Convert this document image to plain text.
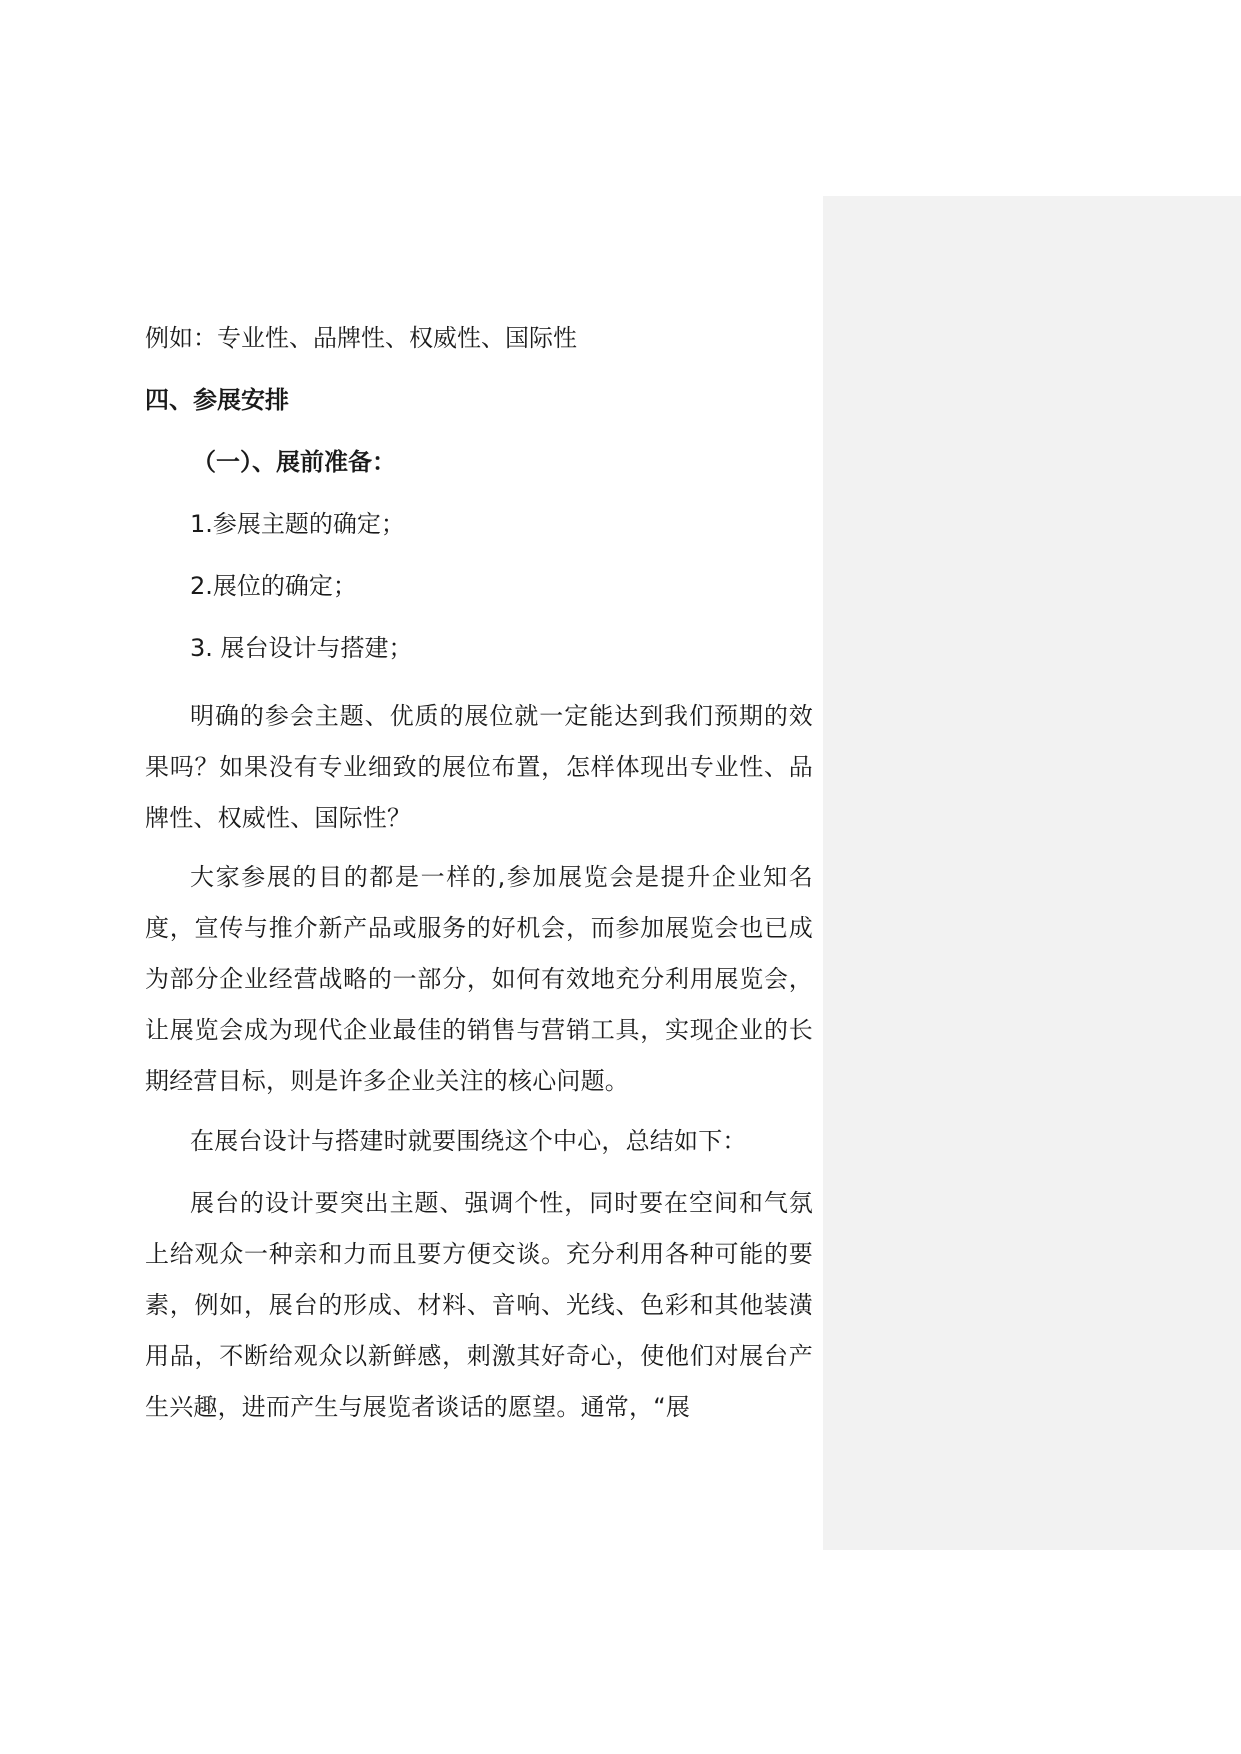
例如：专业性、品牌性、权威性、国际性
四、参展安排
（一）、展前准备：
1.参展主题的确定；
2.展位的确定；
3. 展台设计与搭建；
明确的参会主题、优质的展位就一定能达到我们预期的效果吗？如果没有专业细致的展位布置，怎样体现出专业性、品牌性、权威性、国际性？
大家参展的目的都是一样的,参加展览会是提升企业知名度，宣传与推介新产品或服务的好机会，而参加展览会也已成为部分企业经营战略的一部分，如何有效地充分利用展览会，让展览会成为现代企业最佳的销售与营销工具，实现企业的长期经营目标，则是许多企业关注的核心问题。
在展台设计与搭建时就要围绕这个中心，总结如下：
展台的设计要突出主题、强调个性，同时要在空间和气氛上给观众一种亲和力而且要方便交谈。充分利用各种可能的要素，例如，展台的形成、材料、音响、光线、色彩和其他装潢用品，不断给观众以新鲜感，刺激其好奇心，使他们对展台产生兴趣，进而产生与展览者谈话的愿望。通常，“展
